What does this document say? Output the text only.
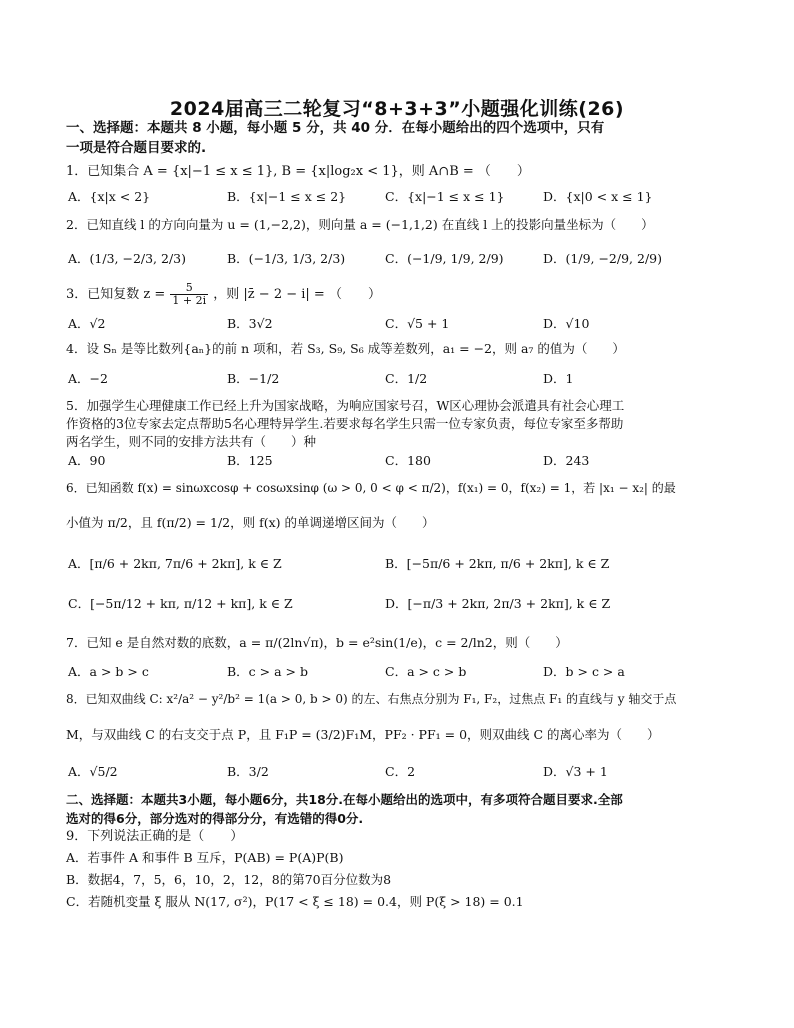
2024届高三二轮复习“8+3+3”小题强化训练(26)
一、选择题：本题共 8 小题，每小题 5 分，共 40 分．在每小题给出的四个选项中，只有
一项是符合题目要求的.
1．已知集合 A = {x|−1 ≤ x ≤ 1}, B = {x|log₂x < 1}，则 A∩B = （　　）
A．{x|x < 2}	B．{x|−1 ≤ x ≤ 2}	C．{x|−1 ≤ x ≤ 1}	D．{x|0 < x ≤ 1}
2．已知直线 l 的方向向量为 u = (1,−2,2)，则向量 a = (−1,1,2) 在直线 l 上的投影向量坐标为（　　）
A．(1/3, −2/3, 2/3)	B．(−1/3, 1/3, 2/3)	C．(−1/9, 1/9, 2/9)	D．(1/9, −2/9, 2/9)
3．已知复数 $z = \frac{5}{1 + 2i}$ ，则 |z̄ − 2 − i| = （　　）
A．√2	B．3√2	C．√5 + 1	D．√10
4．设 Sₙ 是等比数列{aₙ}的前 n 项和，若 S₃, S₉, S₆ 成等差数列，a₁ = −2，则 a₇ 的值为（　　）
A．−2	B．−1/2	C．1/2	D．1
5．加强学生心理健康工作已经上升为国家战略，为响应国家号召，W区心理协会派遣具有社会心理工
作资格的3位专家去定点帮助5名心理特异学生.若要求每名学生只需一位专家负责，每位专家至多帮助
两名学生，则不同的安排方法共有（　　）种
A．90	B．125	C．180	D．243
6．已知函数 f(x) = sinωxcosφ + cosωxsinφ (ω > 0, 0 < φ < π/2)，f(x₁) = 0，f(x₂) = 1，若 |x₁ − x₂| 的最
小值为 π/2，且 f(π/2) = 1/2，则 f(x) 的单调递增区间为（　　）
A．[π/6 + 2kπ, 7π/6 + 2kπ], k ∈ Z	B．[−5π/6 + 2kπ, π/6 + 2kπ], k ∈ Z
C．[−5π/12 + kπ, π/12 + kπ], k ∈ Z	D．[−π/3 + 2kπ, 2π/3 + 2kπ], k ∈ Z
7．已知 e 是自然对数的底数，a = π/(2ln√π)，b = e²sin(1/e)，c = 2/ln2，则（　　）
A．a > b > c	B．c > a > b	C．a > c > b	D．b > c > a
8．已知双曲线 C: x²/a² − y²/b² = 1(a > 0, b > 0) 的左、右焦点分别为 F₁, F₂，过焦点 F₁ 的直线与 y 轴交于点
M，与双曲线 C 的右支交于点 P，且 F₁P = (3/2)F₁M，PF₂ · PF₁ = 0，则双曲线 C 的离心率为（　　）
A．√5/2	B．3/2	C．2	D．√3 + 1
二、选择题：本题共3小题，每小题6分，共18分.在每小题给出的选项中，有多项符合题目要求.全部
选对的得6分，部分选对的得部分分，有选错的得0分.
9．下列说法正确的是（　　）
A．若事件 A 和事件 B 互斥，P(AB) = P(A)P(B)
B．数据4，7，5，6，10，2，12，8的第70百分位数为8
C．若随机变量 ξ 服从 N(17, σ²)，P(17 < ξ ≤ 18) = 0.4，则 P(ξ > 18) = 0.1
